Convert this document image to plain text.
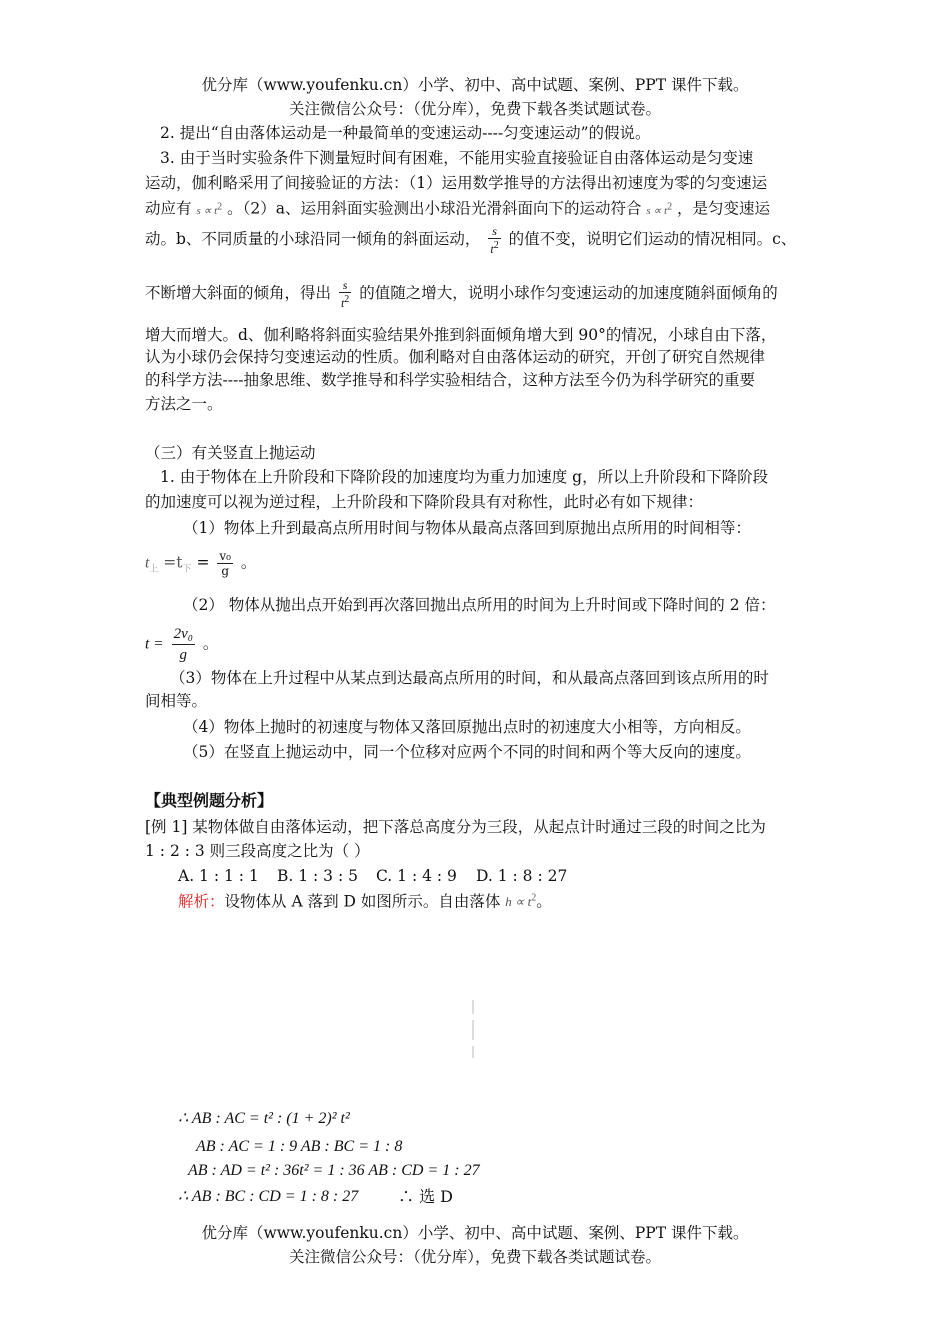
优分库（www.youfenku.cn）小学、初中、高中试题、案例、PPT 课件下载。
关注微信公众号：（优分库），免费下载各类试题试卷。
2. 提出“自由落体运动是一种最简单的变速运动----匀变速运动”的假说。
3. 由于当时实验条件下测量短时间有困难，不能用实验直接验证自由落体运动是匀变速
运动，伽利略采用了间接验证的方法：（1）运用数学推导的方法得出初速度为零的匀变速运
动应有 s ∝ t2 。（2）a、运用斜面实验测出小球沿光滑斜面向下的运动符合 s ∝ t2 ，是匀变速运
动。b、不同质量的小球沿同一倾角的斜面运动， $\frac{s}{t^2}$ 的值不变，说明它们运动的情况相同。c、
不断增大斜面的倾角，得出 $\frac{s}{t^2}$ 的值随之增大，说明小球作匀变速运动的加速度随斜面倾角的
增大而增大。d、伽利略将斜面实验结果外推到斜面倾角增大到 90°的情况，小球自由下落，
认为小球仍会保持匀变速运动的性质。伽利略对自由落体运动的研究，开创了研究自然规律
的科学方法----抽象思维、数学推导和科学实验相结合，这种方法至今仍为科学研究的重要
方法之一。
（三）有关竖直上抛运动
1. 由于物体在上升阶段和下降阶段的加速度均为重力加速度 g，所以上升阶段和下降阶段
的加速度可以视为逆过程，上升阶段和下降阶段具有对称性，此时必有如下规律：
（1）物体上升到最高点所用时间与物体从最高点落回到原抛出点所用的时间相等：
$t_上 =t_下 = \frac{\text{v₀}}{g}$ 。
（2） 物体从抛出点开始到再次落回抛出点所用的时间为上升时间或下降时间的 2 倍：
$t = \frac{\text{2v₀}}{g}$ 。
（3）物体在上升过程中从某点到达最高点所用的时间，和从最高点落回到该点所用的时
间相等。
（4）物体上抛时的初速度与物体又落回原抛出点时的初速度大小相等，方向相反。
（5）在竖直上抛运动中，同一个位移对应两个不同的时间和两个等大反向的速度。
【典型例题分析】
[例 1] 某物体做自由落体运动，把下落总高度分为三段，从起点计时通过三段的时间之比为
1 : 2 : 3 则三段高度之比为（ ）
A. 1 : 1 : 1 B. 1 : 3 : 5 C. 1 : 4 : 9 D. 1 : 8 : 27
解析：设物体从 A 落到 D 如图所示。自由落体 $h \propto t^2$。
∴ AB : AC = t² : (1 + 2)² t²
AB : AC = 1 : 9 AB : BC = 1 : 8
AB : AD = t² : 36t² = 1 : 36 AB : CD = 1 : 27
∴ AB : BC : CD = 1 : 8 : 27 ∴ 选 D
优分库（www.youfenku.cn）小学、初中、高中试题、案例、PPT 课件下载。
关注微信公众号：（优分库），免费下载各类试题试卷。
